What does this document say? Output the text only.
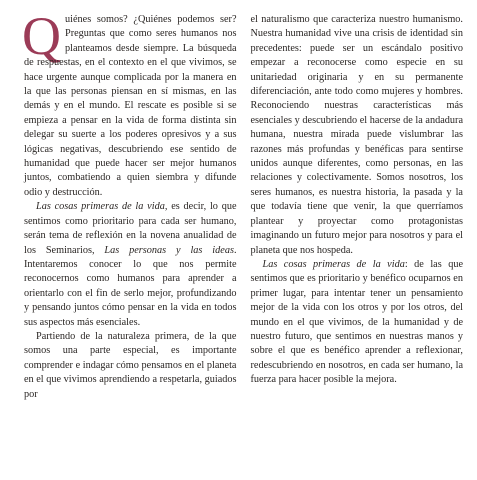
Quiénes somos? ¿Quiénes podemos ser? Preguntas que como seres humanos nos planteamos desde siempre. La búsqueda de respuestas, en el contexto en el que vivimos, se hace urgente aunque complicada por la manera en la que las personas piensan en sí mismas, en las demás y en el mundo. El rescate es posible si se empieza a pensar en la vida de forma distinta sin delegar su suerte a los poderes opresivos y a sus lógicas negativas, descubriendo ese sentido de humanidad que puede hacer ser mejor humanos juntos, combatiendo a quien siembra y difunde odio y destrucción.

Las cosas primeras de la vida, es decir, lo que sentimos como prioritario para cada ser humano, serán tema de reflexión en la novena anualidad de los Seminarios, Las personas y las ideas. Intentaremos conocer lo que nos permite reconocernos como humanos para aprender a orientarlo con el fin de serlo mejor, profundizando y pensando juntos cómo pensar en la vida en todos sus aspectos más esenciales.

Partiendo de la naturaleza primera, de la que somos una parte especial, es importante comprender e indagar cómo pensamos en el planeta en el que vivimos aprendiendo a respetarla, guiados por

el naturalismo que caracteriza nuestro humanismo. Nuestra humanidad vive una crisis de identidad sin precedentes: puede ser un escándalo positivo empezar a reconocerse como especie en su unitariedad originaria y en su permanente diferenciación, ante todo como mujeres y hombres. Reconociendo nuestras características más esenciales y descubriendo el hacerse de la andadura humana, nuestra mirada puede vislumbrar las razones más profundas y benéficas para sentirse unidos aunque diferentes, como personas, en las relaciones y colectivamente. Somos nosotros, los seres humanos, es nuestra historia, la pasada y la que todavía tiene que venir, la que querríamos plantear y proyectar como protagonistas imaginando un futuro mejor para nosotros y para el planeta que nos hospeda.

Las cosas primeras de la vida: de las que sentimos que es prioritario y benéfico ocuparnos en primer lugar, para intentar tener un pensamiento mejor de la vida con los otros y por los otros, del mundo en el que vivimos, de la humanidad y de nuestro futuro, que sentimos en nuestras manos y sobre el que es benéfico aprender a reflexionar, redescubriendo en nosotros, en cada ser humano, la fuerza para hacer posible la mejora.
